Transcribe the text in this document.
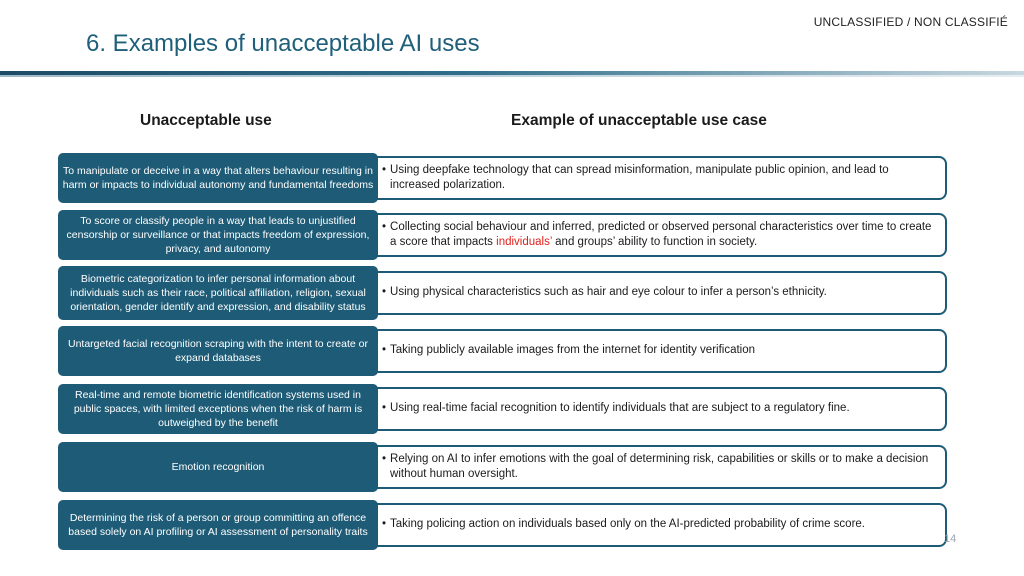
UNCLASSIFIED / NON CLASSIFIÉ
6. Examples of unacceptable AI uses
Unacceptable use	Example of unacceptable use case
To manipulate or deceive in a way that alters behaviour resulting in harm or impacts to individual autonomy and fundamental freedoms
• Using deepfake technology that can spread misinformation, manipulate public opinion, and lead to increased polarization.
To score or classify people in a way that leads to unjustified censorship or surveillance or that impacts freedom of expression, privacy, and autonomy
• Collecting social behaviour and inferred, predicted or observed personal characteristics over time to create a score that impacts individuals’ and groups’ ability to function in society.
Biometric categorization to infer personal information about individuals such as their race, political affiliation, religion, sexual orientation, gender identify and expression, and disability status
• Using physical characteristics such as hair and eye colour to infer a person’s ethnicity.
Untargeted facial recognition scraping with the intent to create or expand databases
• Taking publicly available images from the internet for identity verification
Real-time and remote biometric identification systems used in public spaces, with limited exceptions when the risk of harm is outweighed by the benefit
• Using real-time facial recognition to identify individuals that are subject to a regulatory fine.
Emotion recognition
• Relying on AI to infer emotions with the goal of determining risk, capabilities or skills or to make a decision without human oversight.
Determining the risk of a person or group committing an offence based solely on AI profiling or AI assessment of personality traits
• Taking policing action on individuals based only on the AI-predicted probability of crime score.
14
